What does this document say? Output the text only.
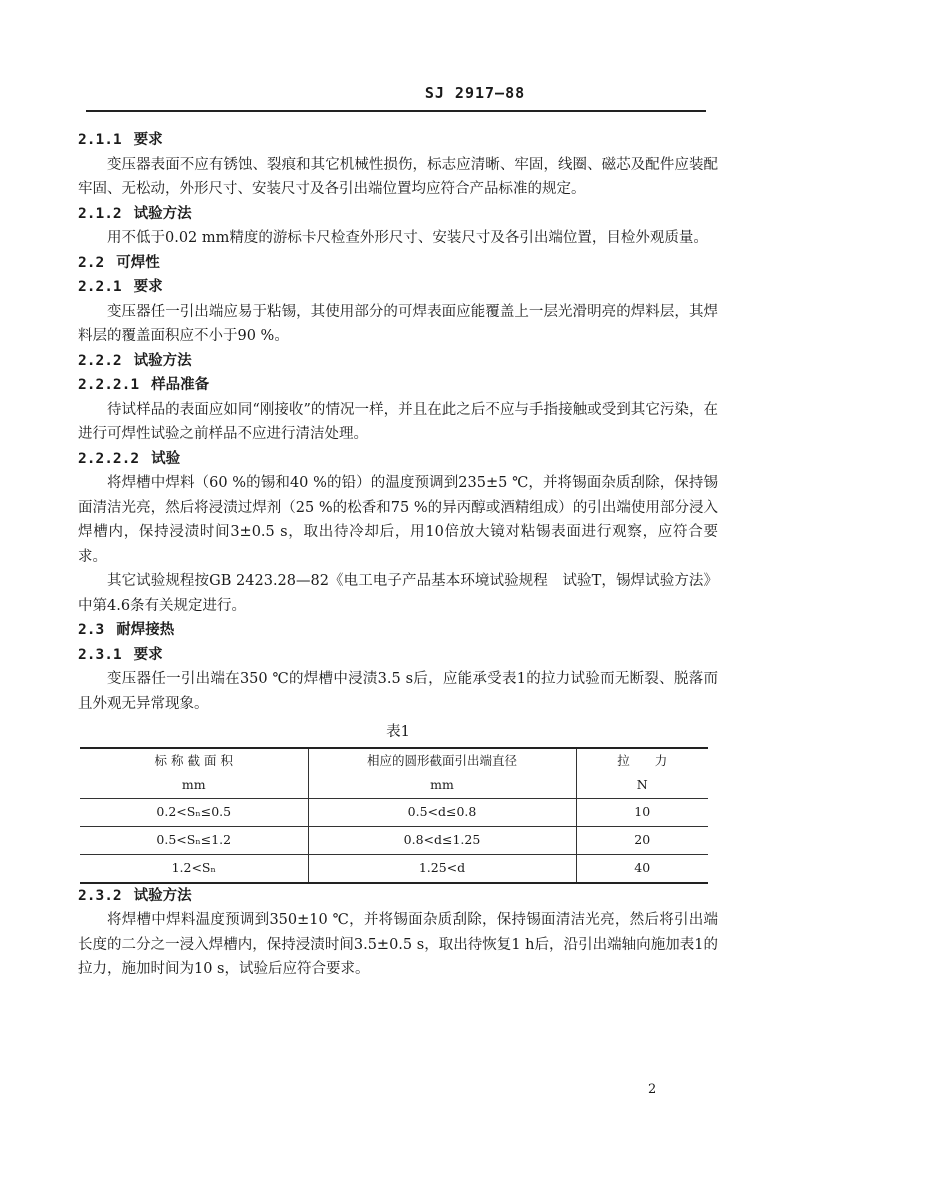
SJ 2917—88
2.1.1 要求

变压器表面不应有锈蚀、裂痕和其它机械性损伤，标志应清晰、牢固，线圈、磁芯及配件应装配牢固、无松动，外形尺寸、安装尺寸及各引出端位置均应符合产品标准的规定。

2.1.2 试验方法

用不低于0.02 mm精度的游标卡尺检查外形尺寸、安装尺寸及各引出端位置，目检外观质量。

2.2 可焊性
2.2.1 要求

变压器任一引出端应易于粘锡，其使用部分的可焊表面应能覆盖上一层光滑明亮的焊料层，其焊料层的覆盖面积应不小于90 %。

2.2.2 试验方法
2.2.2.1 样品准备

待试样品的表面应如同“刚接收”的情况一样，并且在此之后不应与手指接触或受到其它污染，在进行可焊性试验之前样品不应进行清洁处理。

2.2.2.2 试验

将焊槽中焊料（60 %的锡和40 %的铅）的温度预调到235±5 ℃，并将锡面杂质刮除，保持锡面清洁光亮，然后将浸渍过焊剂（25 %的松香和75 %的异丙醇或酒精组成）的引出端使用部分浸入焊槽内，保持浸渍时间3±0.5 s，取出待冷却后，用10倍放大镜对粘锡表面进行观察，应符合要求。

其它试验规程按GB 2423.28—82《电工电子产品基本环境试验规程　试验T，锡焊试验方法》中第4.6条有关规定进行。

2.3 耐焊接热
2.3.1 要求

变压器任一引出端在350 ℃的焊槽中浸渍3.5 s后，应能承受表1的拉力试验而无断裂、脱落而且外观无异常现象。

表1
标 称 截 面 积	相应的圆形截面引出端直径	拉　　力
mm	mm	N
0.2<Sₙ≤0.5	0.5<d≤0.8	10
0.5<Sₙ≤1.2	0.8<d≤1.25	20
1.2<Sₙ	1.25<d	40
2.3.2 试验方法

将焊槽中焊料温度预调到350±10 ℃，并将锡面杂质刮除，保持锡面清洁光亮，然后将引出端长度的二分之一浸入焊槽内，保持浸渍时间3.5±0.5 s，取出待恢复1 h后，沿引出端轴向施加表1的拉力，施加时间为10 s，试验后应符合要求。

2
